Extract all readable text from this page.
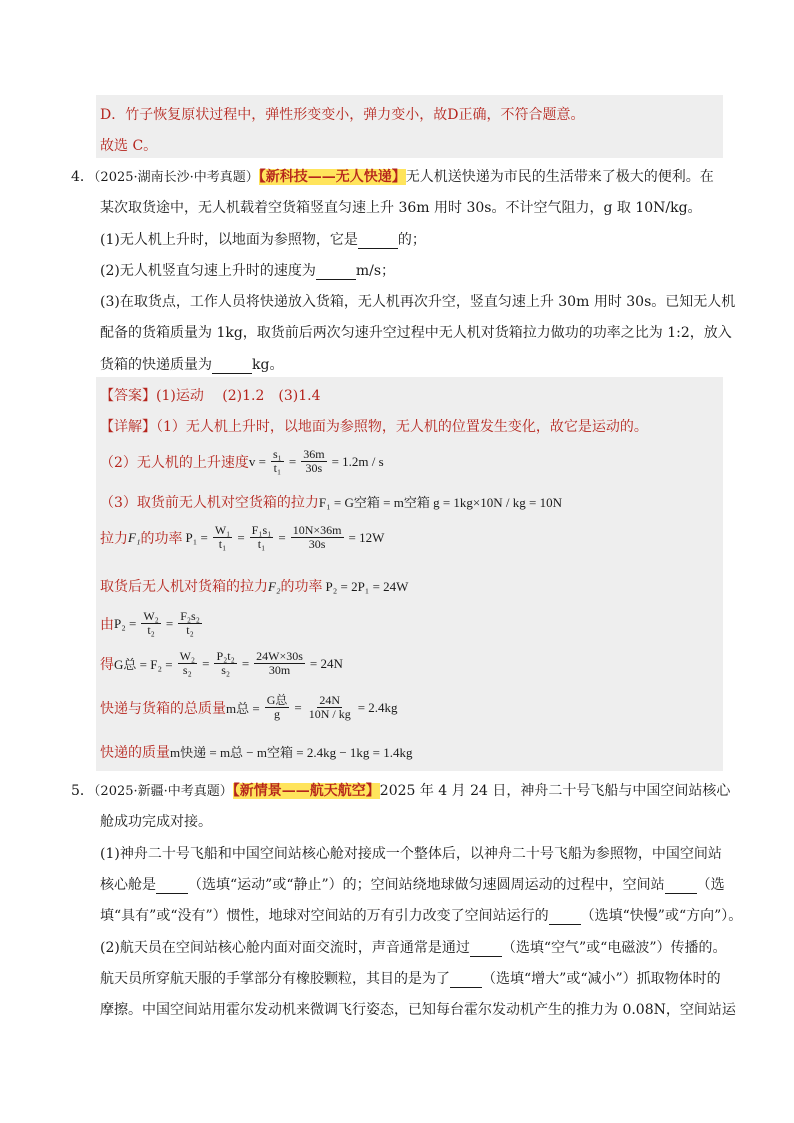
D．竹子恢复原状过程中，弹性形变变小，弹力变小，故D正确，不符合题意。
故选 C。
4．（2025·湖南长沙·中考真题）【新科技——无人快递】无人机送快递为市民的生活带来了极大的便利。在
某次取货途中，无人机载着空货箱竖直匀速上升 36m 用时 30s。不计空气阻力，g 取 10N/kg。
(1)无人机上升时，以地面为参照物，它是	的；
(2)无人机竖直匀速上升时的速度为	m/s；
(3)在取货点，工作人员将快递放入货箱，无人机再次升空，竖直匀速上升 30m 用时 30s。已知无人机
配备的货箱质量为 1kg，取货前后两次匀速升空过程中无人机对货箱拉力做功的功率之比为 1:2，放入
货箱的快递质量为	kg。
【答案】(1)运动　 (2)1.2　(3)1.4
【详解】（1）无人机上升时，以地面为参照物，无人机的位置发生变化，故它是运动的。
（2）无人机的上升速度 $v = \frac{\text{s₁}}{\text{t₁}} = \frac{36m}{30s} = 1.2m / s$
（3）取货前无人机对空货箱的拉力F₁ = G空箱 = m空箱 g = 1kg×10N / kg = 10N
拉力 F₁ 的功率 $P_1 = \frac{\text{W₁}}{\text{t₁}} = \frac{\text{F₁s₁}}{\text{t₁}} = \frac{10N\times 36m}{30s} = 12W$
取货后无人机对货箱的拉力F₂的功率 P₂ = 2P₁ = 24W
由 $P_2 = \frac{\text{W₂}}{\text{t₂}} = \frac{\text{F₂s₂}}{\text{t₂}}$
得 G总 = $F_2 = \frac{\text{W₂}}{\text{s₂}} = \frac{\text{P₂t₂}}{\text{s₂}} = \frac{24W\times 30s}{30m} = 24N$
快递与货箱的总质量 m总 = $\frac{\text{G总}}{g} = \frac{24N}{10N / kg} = 2.4kg$
快递的质量m快递 = m总 − m空箱 = 2.4kg − 1kg = 1.4kg
5．（2025·新疆·中考真题）【新情景——航天航空】2025 年 4 月 24 日，神舟二十号飞船与中国空间站核心
舱成功完成对接。
(1)神舟二十号飞船和中国空间站核心舱对接成一个整体后，以神舟二十号飞船为参照物，中国空间站
核心舱是 （选填“运动”或“静止”）的；空间站绕地球做匀速圆周运动的过程中，空间站 （选
填“具有”或“没有”）惯性，地球对空间站的万有引力改变了空间站运行的 （选填“快慢”或“方向”）。
(2)航天员在空间站核心舱内面对面交流时，声音通常是通过 （选填“空气”或“电磁波”）传播的。
航天员所穿航天服的手掌部分有橡胶颗粒，其目的是为了 （选填“增大”或“减小”）抓取物体时的
摩擦。中国空间站用霍尔发动机来微调飞行姿态，已知每台霍尔发动机产生的推力为 0.08N，空间站运
